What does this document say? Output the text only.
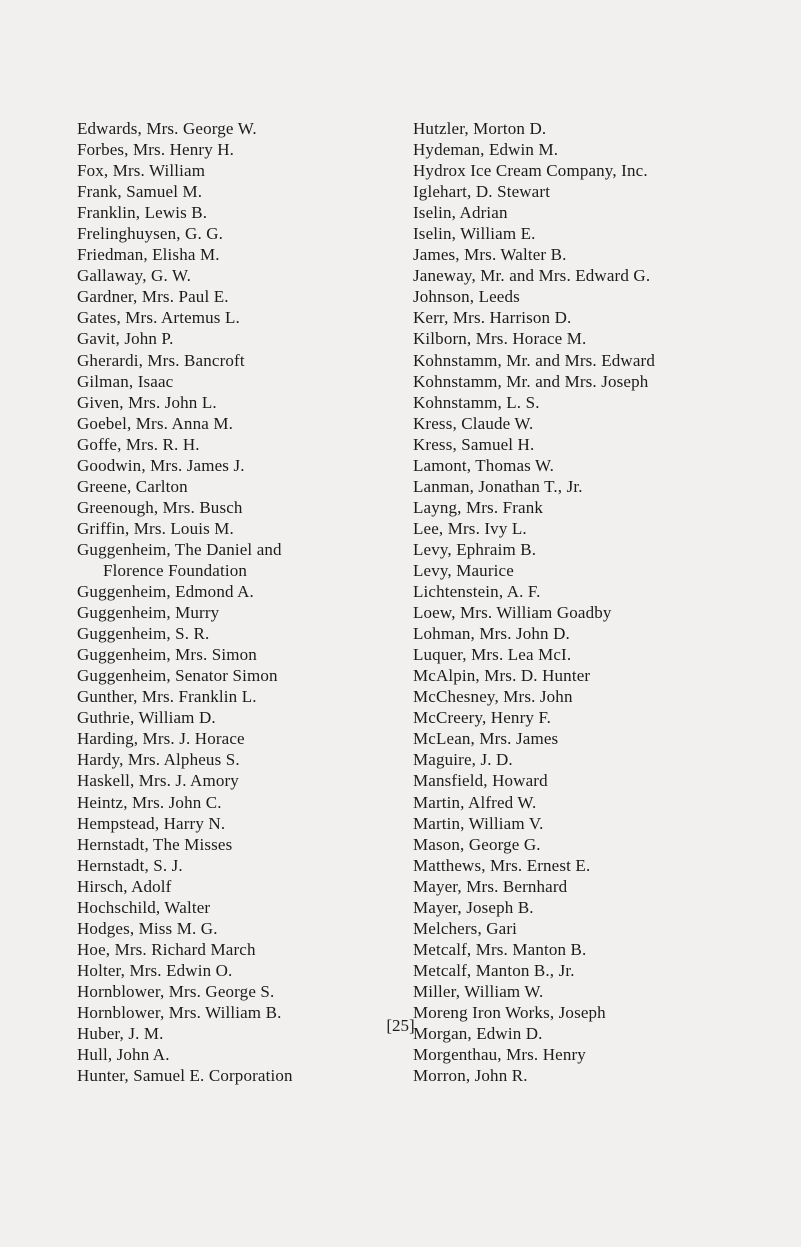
Edwards, Mrs. George W.
Forbes, Mrs. Henry H.
Fox, Mrs. William
Frank, Samuel M.
Franklin, Lewis B.
Frelinghuysen, G. G.
Friedman, Elisha M.
Gallaway, G. W.
Gardner, Mrs. Paul E.
Gates, Mrs. Artemus L.
Gavit, John P.
Gherardi, Mrs. Bancroft
Gilman, Isaac
Given, Mrs. John L.
Goebel, Mrs. Anna M.
Goffe, Mrs. R. H.
Goodwin, Mrs. James J.
Greene, Carlton
Greenough, Mrs. Busch
Griffin, Mrs. Louis M.
Guggenheim, The Daniel and
Florence Foundation
Guggenheim, Edmond A.
Guggenheim, Murry
Guggenheim, S. R.
Guggenheim, Mrs. Simon
Guggenheim, Senator Simon
Gunther, Mrs. Franklin L.
Guthrie, William D.
Harding, Mrs. J. Horace
Hardy, Mrs. Alpheus S.
Haskell, Mrs. J. Amory
Heintz, Mrs. John C.
Hempstead, Harry N.
Hernstadt, The Misses
Hernstadt, S. J.
Hirsch, Adolf
Hochschild, Walter
Hodges, Miss M. G.
Hoe, Mrs. Richard March
Holter, Mrs. Edwin O.
Hornblower, Mrs. George S.
Hornblower, Mrs. William B.
Huber, J. M.
Hull, John A.
Hunter, Samuel E. Corporation
Hutzler, Morton D.
Hydeman, Edwin M.
Hydrox Ice Cream Company, Inc.
Iglehart, D. Stewart
Iselin, Adrian
Iselin, William E.
James, Mrs. Walter B.
Janeway, Mr. and Mrs. Edward G.
Johnson, Leeds
Kerr, Mrs. Harrison D.
Kilborn, Mrs. Horace M.
Kohnstamm, Mr. and Mrs. Edward
Kohnstamm, Mr. and Mrs. Joseph
Kohnstamm, L. S.
Kress, Claude W.
Kress, Samuel H.
Lamont, Thomas W.
Lanman, Jonathan T., Jr.
Layng, Mrs. Frank
Lee, Mrs. Ivy L.
Levy, Ephraim B.
Levy, Maurice
Lichtenstein, A. F.
Loew, Mrs. William Goadby
Lohman, Mrs. John D.
Luquer, Mrs. Lea McI.
McAlpin, Mrs. D. Hunter
McChesney, Mrs. John
McCreery, Henry F.
McLean, Mrs. James
Maguire, J. D.
Mansfield, Howard
Martin, Alfred W.
Martin, William V.
Mason, George G.
Matthews, Mrs. Ernest E.
Mayer, Mrs. Bernhard
Mayer, Joseph B.
Melchers, Gari
Metcalf, Mrs. Manton B.
Metcalf, Manton B., Jr.
Miller, William W.
Moreng Iron Works, Joseph
Morgan, Edwin D.
Morgenthau, Mrs. Henry
Morron, John R.
[25]
